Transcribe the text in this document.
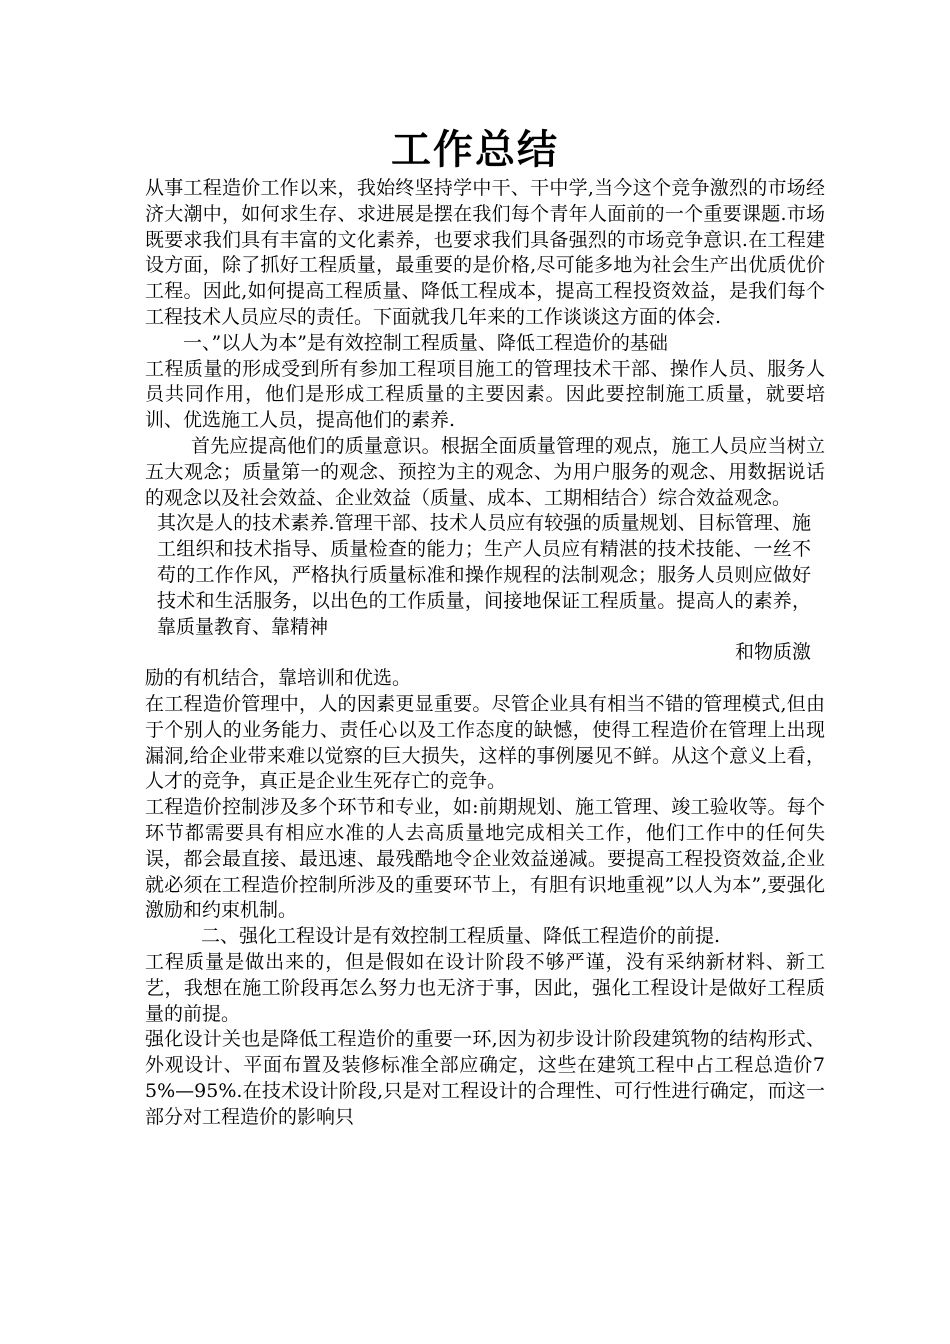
工作总结

从事工程造价工作以来，我始终坚持学中干、干中学,当今这个竞争激烈的市场经济大潮中，如何求生存、求进展是摆在我们每个青年人面前的一个重要课题.市场既要求我们具有丰富的文化素养，也要求我们具备强烈的市场竞争意识.在工程建设方面，除了抓好工程质量，最重要的是价格,尽可能多地为社会生产出优质优价工程。因此,如何提高工程质量、降低工程成本，提高工程投资效益，是我们每个工程技术人员应尽的责任。下面就我几年来的工作谈谈这方面的体会.

一、”以人为本”是有效控制工程质量、降低工程造价的基础

工程质量的形成受到所有参加工程项目施工的管理技术干部、操作人员、服务人员共同作用，他们是形成工程质量的主要因素。因此要控制施工质量，就要培训、优选施工人员，提高他们的素养.

首先应提高他们的质量意识。根据全面质量管理的观点，施工人员应当树立五大观念；质量第一的观念、预控为主的观念、为用户服务的观念、用数据说话的观念以及社会效益、企业效益（质量、成本、工期相结合）综合效益观念。

其次是人的技术素养.管理干部、技术人员应有较强的质量规划、目标管理、施工组织和技术指导、质量检查的能力；生产人员应有精湛的技术技能、一丝不苟的工作作风，严格执行质量标准和操作规程的法制观念；服务人员则应做好技术和生活服务，以出色的工作质量，间接地保证工程质量。提高人的素养，靠质量教育、靠精神

和物质激

励的有机结合，靠培训和优选。

在工程造价管理中，人的因素更显重要。尽管企业具有相当不错的管理模式,但由于个别人的业务能力、责任心以及工作态度的缺憾，使得工程造价在管理上出现漏洞,给企业带来难以觉察的巨大损失，这样的事例屡见不鲜。从这个意义上看，人才的竞争，真正是企业生死存亡的竞争。

工程造价控制涉及多个环节和专业，如:前期规划、施工管理、竣工验收等。每个环节都需要具有相应水准的人去高质量地完成相关工作，他们工作中的任何失误，都会最直接、最迅速、最残酷地令企业效益递减。要提高工程投资效益,企业就必须在工程造价控制所涉及的重要环节上，有胆有识地重视”以人为本”,要强化激励和约束机制。

二、强化工程设计是有效控制工程质量、降低工程造价的前提.

工程质量是做出来的，但是假如在设计阶段不够严谨，没有采纳新材料、新工艺，我想在施工阶段再怎么努力也无济于事，因此，强化工程设计是做好工程质量的前提。

强化设计关也是降低工程造价的重要一环,因为初步设计阶段建筑物的结构形式、外观设计、平面布置及装修标准全部应确定，这些在建筑工程中占工程总造价75%—95%.在技术设计阶段,只是对工程设计的合理性、可行性进行确定，而这一部分对工程造价的影响只
